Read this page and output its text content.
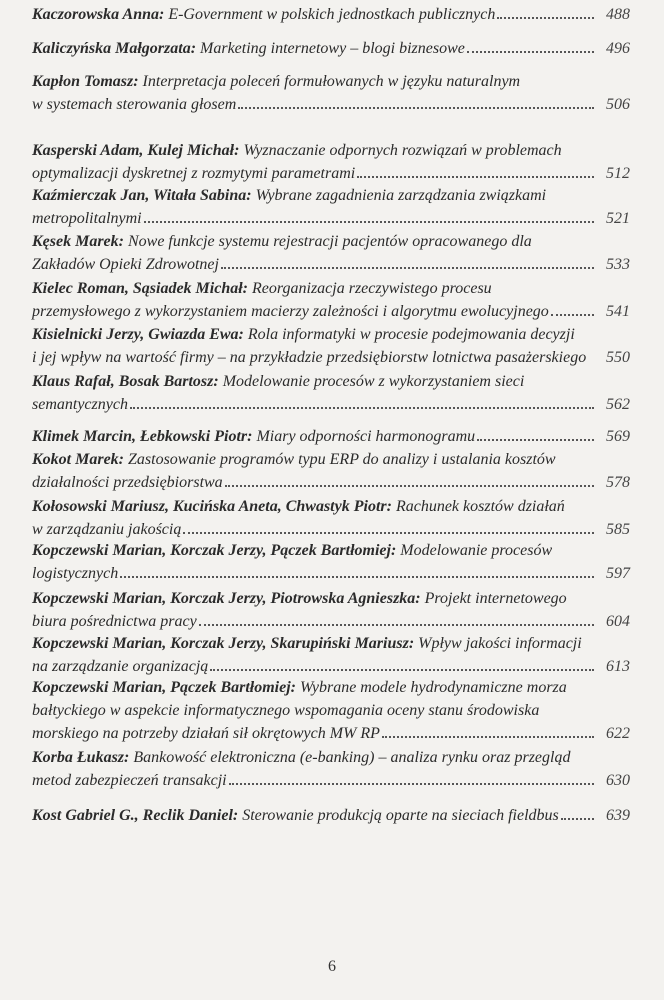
Kaczorowska Anna: E-Government w polskich jednostkach publicznych	488
Kaliczyńska Małgorzata: Marketing internetowy – blogi biznesowe	496
Kapłon Tomasz: Interpretacja poleceń formułowanych w języku naturalnym
w systemach sterowania głosem	506
Kasperski Adam, Kulej Michał: Wyznaczanie odpornych rozwiązań w problemach
optymalizacji dyskretnej z rozmytymi parametrami	512
Kaźmierczak Jan, Witała Sabina: Wybrane zagadnienia zarządzania związkami
metropolitalnymi	521
Kęsek Marek: Nowe funkcje systemu rejestracji pacjentów opracowanego dla
Zakładów Opieki Zdrowotnej	533
Kielec Roman, Sąsiadek Michał: Reorganizacja rzeczywistego procesu
przemysłowego z wykorzystaniem macierzy zależności i algorytmu ewolucyjnego	541
Kisielnicki Jerzy, Gwiazda Ewa: Rola informatyki w procesie podejmowania decyzji
i jej wpływ na wartość firmy – na przykładzie przedsiębiorstw lotnictwa pasażerskiego 550
Klaus Rafał, Bosak Bartosz: Modelowanie procesów z wykorzystaniem sieci
semantycznych	562
Klimek Marcin, Łebkowski Piotr: Miary odporności harmonogramu	569
Kokot Marek: Zastosowanie programów typu ERP do analizy i ustalania kosztów
działalności przedsiębiorstwa	578
Kołosowski Mariusz, Kucińska Aneta, Chwastyk Piotr: Rachunek kosztów działań
w zarządzaniu jakością	585
Kopczewski Marian, Korczak Jerzy, Pączek Bartłomiej: Modelowanie procesów
logistycznych	597
Kopczewski Marian, Korczak Jerzy, Piotrowska Agnieszka: Projekt internetowego
biura pośrednictwa pracy	604
Kopczewski Marian, Korczak Jerzy, Skarupiński Mariusz: Wpływ jakości informacji
na zarządzanie organizacją	613
Kopczewski Marian, Pączek Bartłomiej: Wybrane modele hydrodynamiczne morza
bałtyckiego w aspekcie informatycznego wspomagania oceny stanu środowiska
morskiego na potrzeby działań sił okrętowych MW RP	622
Korba Łukasz: Bankowość elektroniczna (e-banking) – analiza rynku oraz przegląd
metod zabezpieczeń transakcji	630
Kost Gabriel G., Reclik Daniel: Sterowanie produkcją oparte na sieciach fieldbus	639
6
